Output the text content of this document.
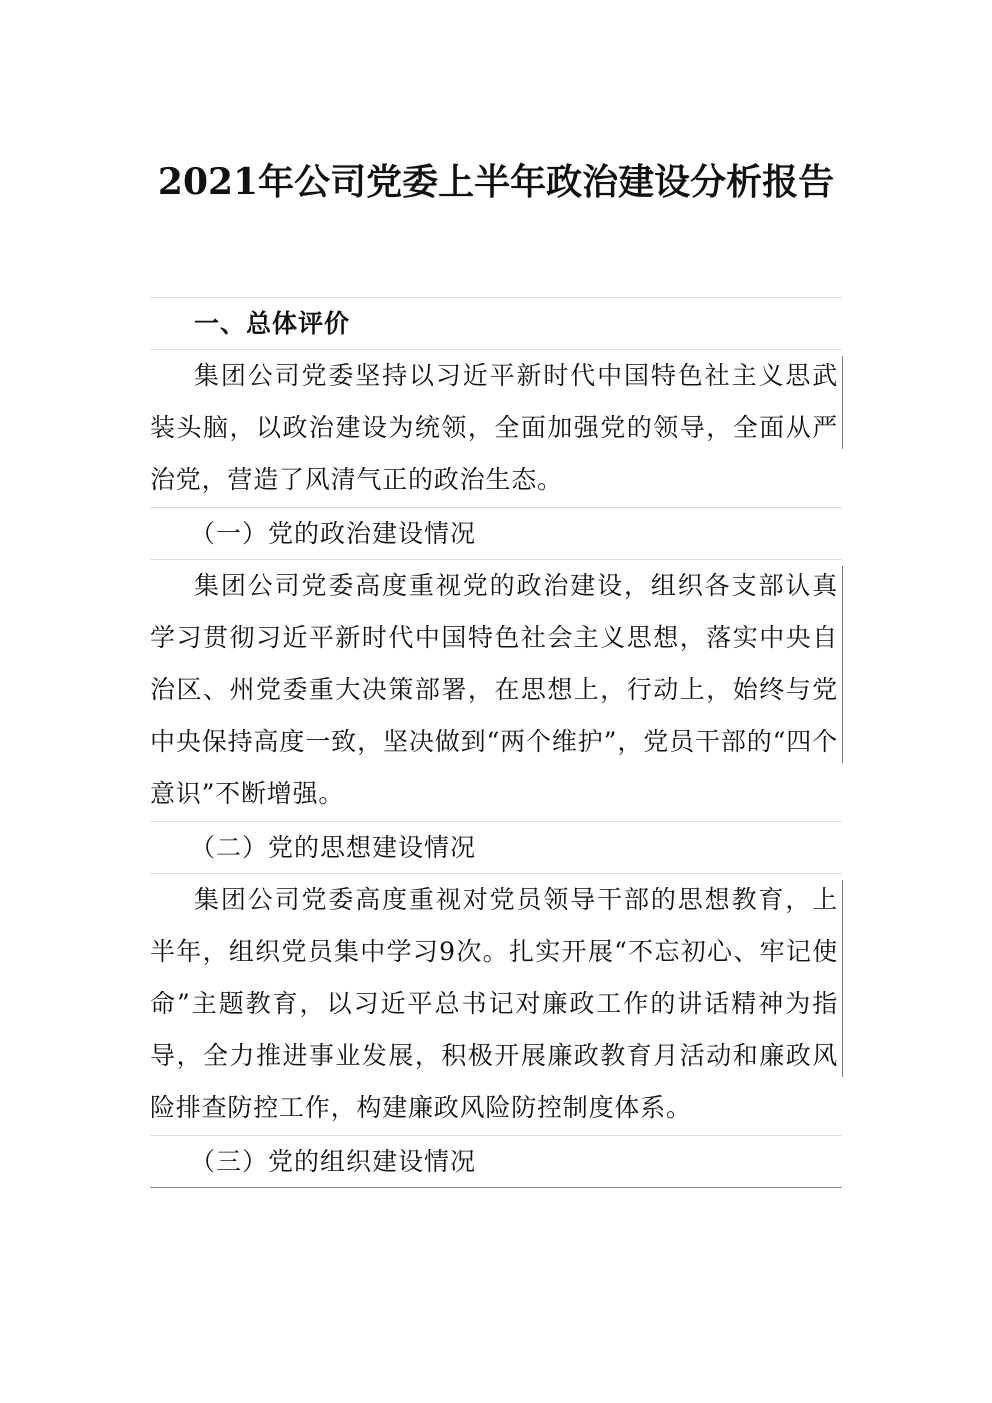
2021年公司党委上半年政治建设分析报告
一、总体评价
集团公司党委坚持以习近平新时代中国特色社主义思武装头脑，以政治建设为统领，全面加强党的领导，全面从严治党，营造了风清气正的政治生态。
（一）党的政治建设情况
集团公司党委高度重视党的政治建设，组织各支部认真学习贯彻习近平新时代中国特色社会主义思想，落实中央自治区、州党委重大决策部署，在思想上，行动上，始终与党中央保持高度一致，坚决做到“两个维护”，党员干部的“四个意识”不断增强。
（二）党的思想建设情况
集团公司党委高度重视对党员领导干部的思想教育，上半年，组织党员集中学习9次。扎实开展“不忘初心、牢记使命”主题教育，以习近平总书记对廉政工作的讲话精神为指导，全力推进事业发展，积极开展廉政教育月活动和廉政风险排查防控工作，构建廉政风险防控制度体系。
（三）党的组织建设情况
